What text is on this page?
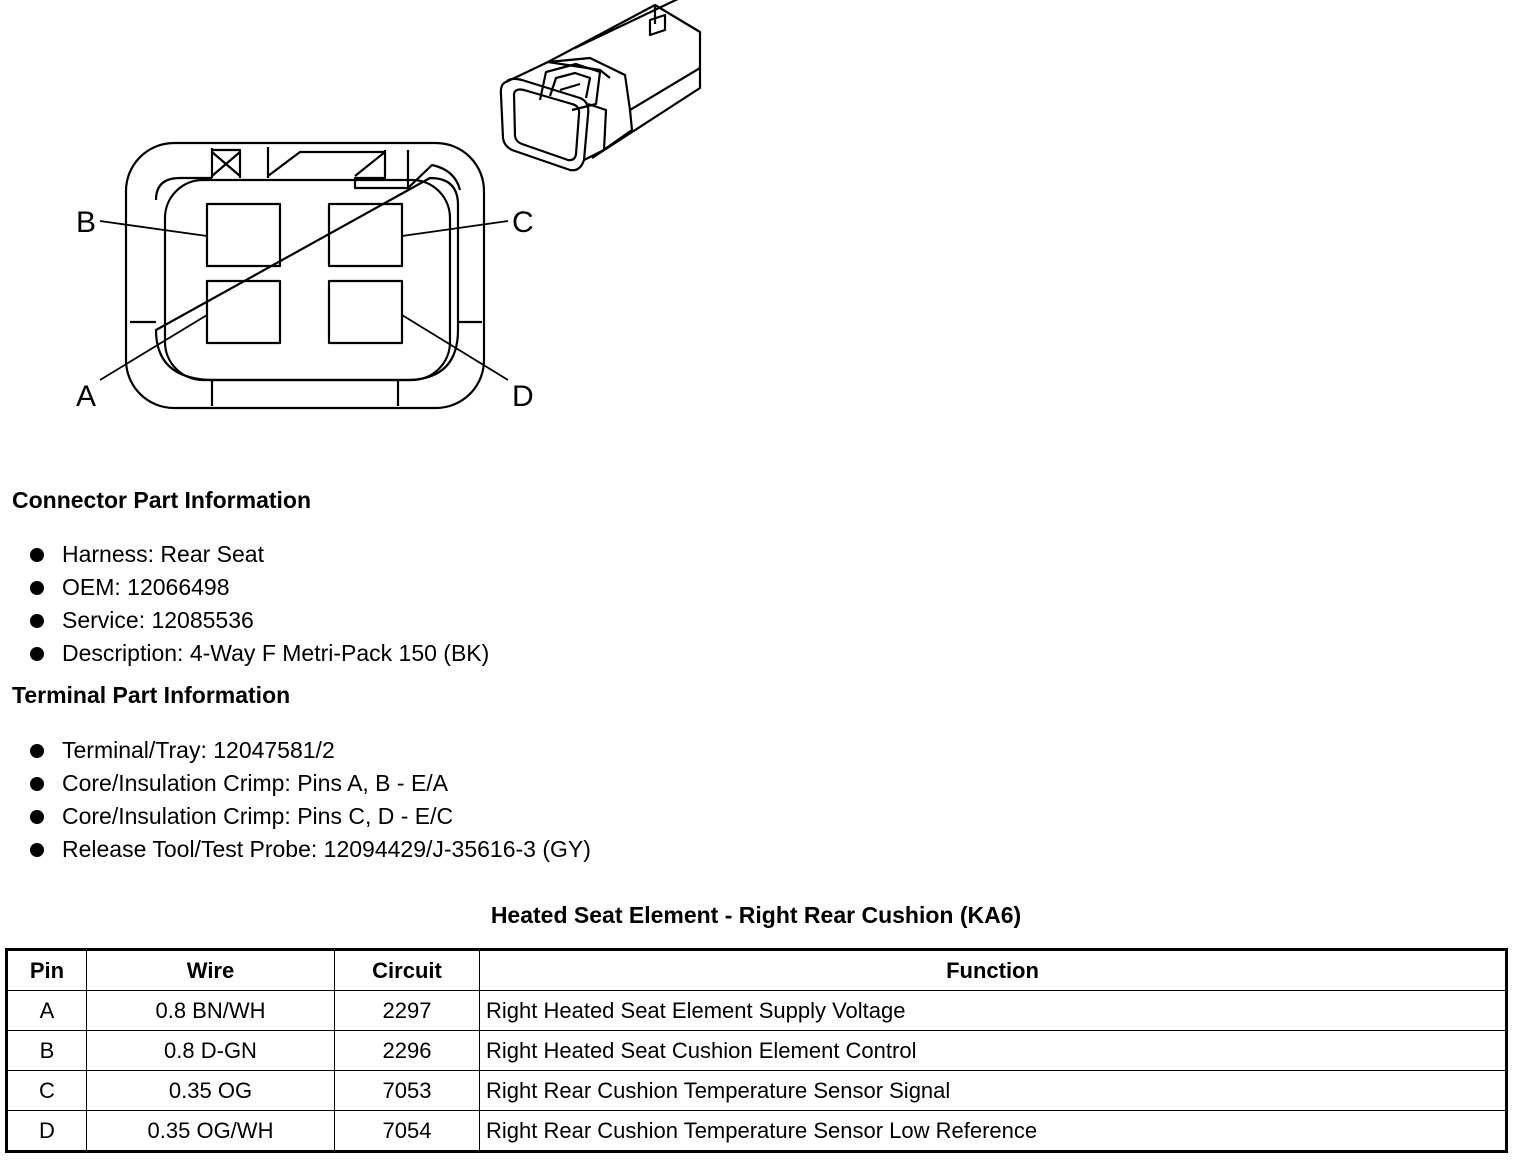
B	C
A	D
Connector Part Information
Harness: Rear Seat
OEM: 12066498
Service: 12085536
Description: 4-Way F Metri-Pack 150 (BK)
Terminal Part Information
Terminal/Tray: 12047581/2
Core/Insulation Crimp: Pins A, B - E/A
Core/Insulation Crimp: Pins C, D - E/C
Release Tool/Test Probe: 12094429/J-35616-3 (GY)
Heated Seat Element - Right Rear Cushion (KA6)
Pin	Wire	Circuit	Function
A	0.8 BN/WH	2297	Right Heated Seat Element Supply Voltage
B	0.8 D-GN	2296	Right Heated Seat Cushion Element Control
C	0.35 OG	7053	Right Rear Cushion Temperature Sensor Signal
D	0.35 OG/WH	7054	Right Rear Cushion Temperature Sensor Low Reference
